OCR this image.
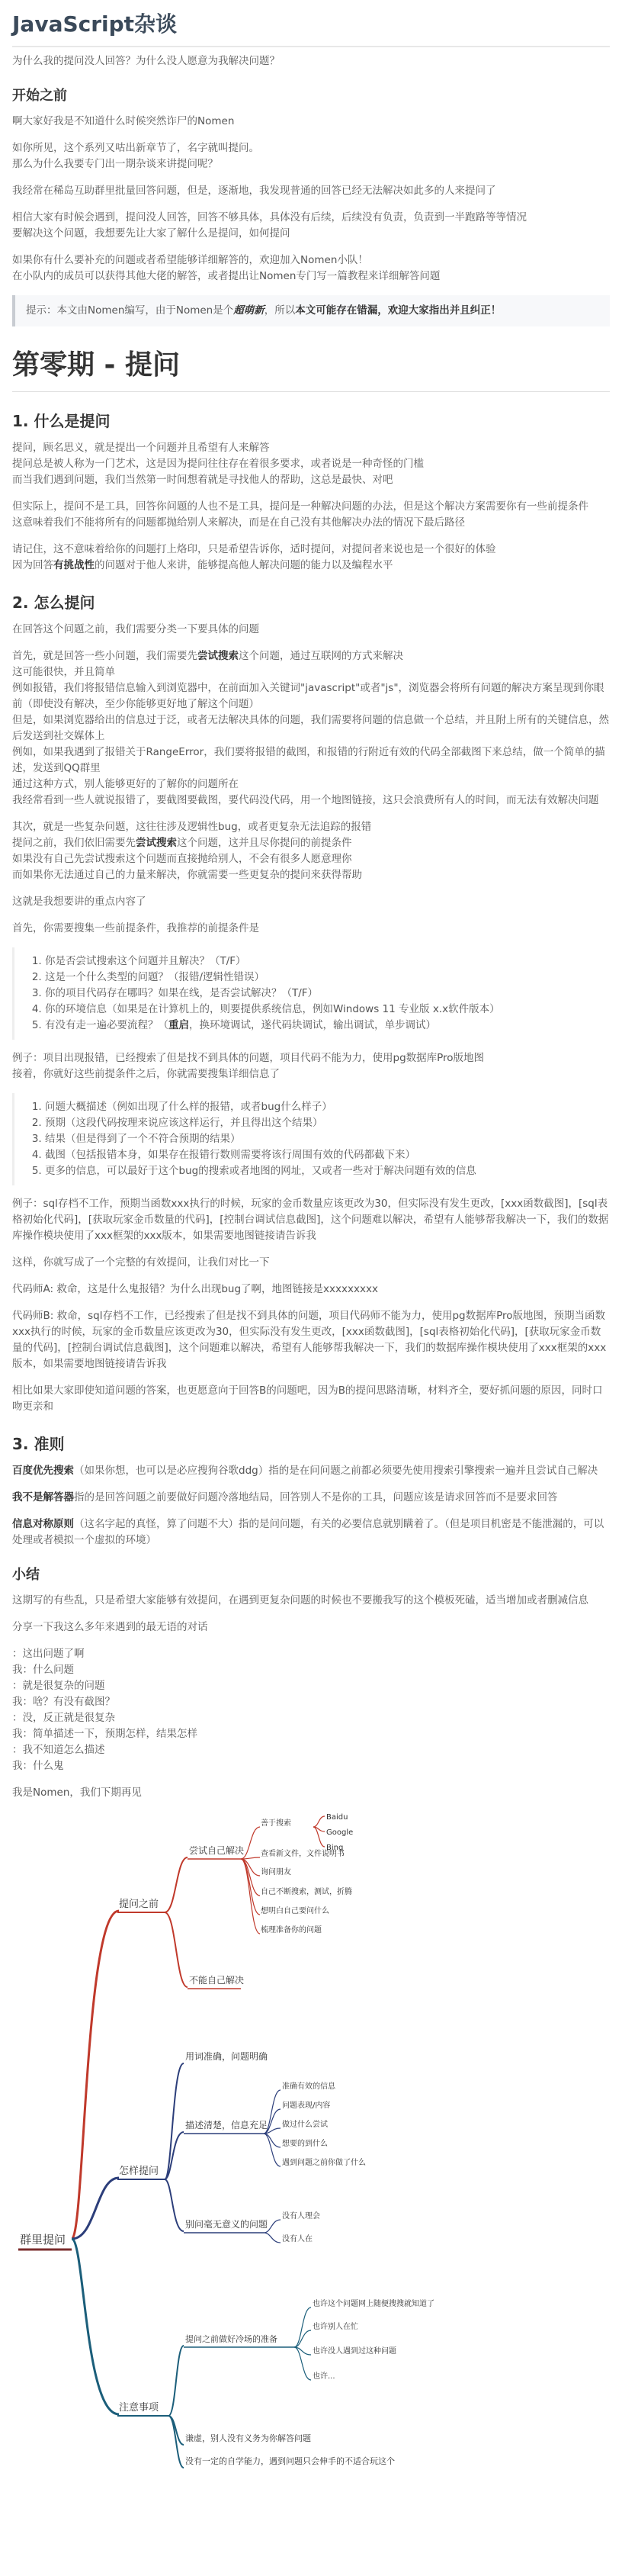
JavaScript杂谈

为什么我的提问没人回答？为什么没人愿意为我解决问题？

开始之前

啊大家好我是不知道什么时候突然诈尸的Nomen

如你所见，这个系列又咕出新章节了，名字就叫提问。
那么为什么我要专门出一期杂谈来讲提问呢？

我经常在稀岛互助群里批量回答问题，但是，逐渐地，我发现普通的回答已经无法解决如此多的人来提问了

相信大家有时候会遇到，提问没人回答，回答不够具体，具体没有后续，后续没有负责，负责到一半跑路等等情况
要解决这个问题，我想要先让大家了解什么是提问，如何提问

如果你有什么要补充的问题或者希望能够详细解答的，欢迎加入Nomen小队！
在小队内的成员可以获得其他大佬的解答，或者提出让Nomen专门写一篇教程来详细解答问题

提示：本文由Nomen编写，由于Nomen是个超萌新，所以本文可能存在错漏，欢迎大家指出并且纠正！
第零期 - 提问
1. 什么是提问

提问，顾名思义，就是提出一个问题并且希望有人来解答
提问总是被人称为一门艺术，这是因为提问往往存在着很多要求，或者说是一种奇怪的门槛
而当我们遇到问题，我们当然第一时间想着就是寻找他人的帮助，这总是最快、对吧

但实际上，提问不是工具，回答你问题的人也不是工具，提问是一种解决问题的办法，但是这个解决方案需要你有一些前提条件
这意味着我们不能将所有的问题都抛给别人来解决，而是在自己没有其他解决办法的情况下最后路径

请记住，这不意味着给你的问题打上烙印，只是希望告诉你，适时提问，对提问者来说也是一个很好的体验
因为回答有挑战性的问题对于他人来讲，能够提高他人解决问题的能力以及编程水平

2. 怎么提问

在回答这个问题之前，我们需要分类一下要具体的问题

首先，就是回答一些小问题，我们需要先尝试搜索这个问题，通过互联网的方式来解决
这可能很快，并且简单
例如报错，我们将报错信息输入到浏览器中，在前面加入关键词"javascript"或者"js"，浏览器会将所有问题的解决方案呈现到你眼前（即使没有解决，至少你能够更好地了解这个问题）
但是，如果浏览器给出的信息过于泛，或者无法解决具体的问题，我们需要将问题的信息做一个总结，并且附上所有的关键信息，然后发送到社交媒体上
例如，如果我遇到了报错关于RangeError，我们要将报错的截图，和报错的行附近有效的代码全部截图下来总结，做一个简单的描述，发送到QQ群里
通过这种方式，别人能够更好的了解你的问题所在
我经常看到一些人就说报错了，要截图要截图，要代码没代码，用一个地图链接，这只会浪费所有人的时间，而无法有效解决问题

其次，就是一些复杂问题，这往往涉及逻辑性bug，或者更复杂无法追踪的报错
提问之前，我们依旧需要先尝试搜索这个问题，这并且尽你提问的前提条件
如果没有自己先尝试搜索这个问题而直接抛给别人，不会有很多人愿意理你
而如果你无法通过自己的力量来解决，你就需要一些更复杂的提问来获得帮助

这就是我想要讲的重点内容了

首先，你需要搜集一些前提条件，我推荐的前提条件是

1. 你是否尝试搜索这个问题并且解决？（T/F）
2. 这是一个什么类型的问题？（报错/逻辑性错误）
3. 你的项目代码存在哪吗？如果在线，是否尝试解决？（T/F）
4. 你的环境信息（如果是在计算机上的，则要提供系统信息，例如Windows 11 专业版 x.x软件版本）
5. 有没有走一遍必要流程？（重启，换环境调试，遂代码块调试，输出调试，单步调试）

例子：项目出现报错，已经搜索了但是找不到具体的问题，项目代码不能为力，使用pg数据库Pro版地图
接着，你就好这些前提条件之后，你就需要搜集详细信息了

1. 问题大概描述（例如出现了什么样的报错，或者bug什么样子）
2. 预期（这段代码按理来说应该这样运行，并且得出这个结果）
3. 结果（但是得到了一个不符合预期的结果）
4. 截图（包括报错本身，如果存在报错行数则需要将该行周围有效的代码都截下来）
5. 更多的信息，可以最好于这个bug的搜索或者地图的网址，又或者一些对于解决问题有效的信息

例子：sql存档不工作，预期当函数xxx执行的时候，玩家的金币数量应该更改为30，但实际没有发生更改，[xxx函数截图]，[sql表格初始化代码]，[获取玩家金币数量的代码]，[控制台调试信息截图]，这个问题难以解决，希望有人能够帮我解决一下，我们的数据库操作模块使用了xxx框架的xxx版本，如果需要地图链接请告诉我

这样，你就写成了一个完整的有效提问，让我们对比一下

代码师A: 救命，这是什么鬼报错？为什么出现bug了啊，地图链接是xxxxxxxxx

代码师B: 救命，sql存档不工作，已经搜索了但是找不到具体的问题，项目代码师不能为力，使用pg数据库Pro版地图，预期当函数xxx执行的时候，玩家的金币数量应该更改为30，但实际没有发生更改，[xxx函数截图]，[sql表格初始化代码]，[获取玩家金币数量的代码]，[控制台调试信息截图]，这个问题难以解决，希望有人能够帮我解决一下，我们的数据库操作模块使用了xxx框架的xxx版本，如果需要地图链接请告诉我

相比如果大家即使知道问题的答案，也更愿意向于回答B的问题吧，因为B的提问思路清晰，材料齐全，要好抓问题的原因，同时口吻更亲和

3. 准则

百度优先搜索（如果你想，也可以是必应搜狗谷歌ddg）指的是在问问题之前都必须要先使用搜索引擎搜索一遍并且尝试自己解决

我不是解答器指的是回答问题之前要做好问题冷落地结局，回答别人不是你的工具，问题应该是请求回答而不是要求回答

信息对称原则（这名字起的真怪，算了问题不大）指的是问问题，有关的必要信息就别瞒着了。（但是项目机密是不能泄漏的，可以处理或者模拟一个虚拟的环境）

小结

这期写的有些乱，只是希望大家能够有效提问，在遇到更复杂问题的时候也不要搬我写的这个模板死磕，适当增加或者删减信息

分享一下我这么多年来遇到的最无语的对话

：这出问题了啊
我：什么问题
：就是很复杂的问题
我：啥？有没有截图？
：没，反正就是很复杂
我：简单描述一下，预期怎样，结果怎样
：我不知道怎么描述
我：什么鬼

我是Nomen，我们下期再见

群里提问
提问之前
尝试自己解决
不能自己解决
善于搜索
查看新文件，文件说明书
询问朋友
自己不断搜索，测试，折腾
想明白自己要问什么
梳理准备你的问题
Baidu
Google
Bing
怎样提问
用词准确，问题明确
描述清楚，信息充足
别问毫无意义的问题
准确有效的信息
问题表现/内容
做过什么尝试
想要的到什么
遇到问题之前你做了什么
没有人理会
没有人在
注意事项
提问之前做好冷场的准备
谦虚，别人没有义务为你解答问题
没有一定的自学能力，遇到问题只会伸手的不适合玩这个
也许这个问题网上随便搜搜就知道了
也许别人在忙
也许没人遇到过这种问题
也许...
